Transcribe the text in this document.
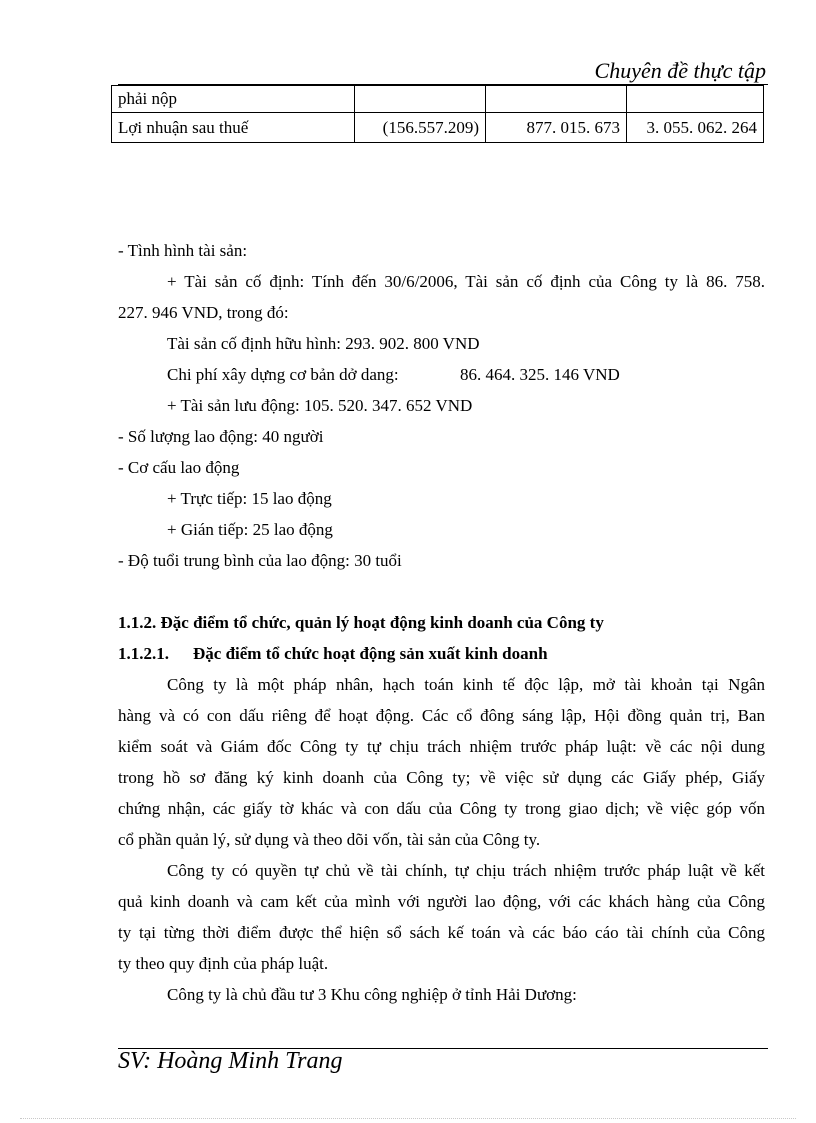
Chuyên đề thực tập
phải nộp			
Lợi nhuận sau thuế	(156.557.209)	877. 015. 673	3. 055. 062. 264
- Tình hình tài sản:
+ Tài sản cố định: Tính đến 30/6/2006, Tài sản cố định của Công ty là 86. 758.
227. 946 VND, trong đó:
Tài sản cố định hữu hình: 293. 902. 800 VND
Chi phí xây dựng cơ bản dở dang:	86. 464. 325. 146 VND
+ Tài sản lưu động: 105. 520. 347. 652 VND
- Số lượng lao động: 40 người
- Cơ cấu lao động
+ Trực tiếp: 15 lao động
+ Gián tiếp: 25 lao động
- Độ tuổi trung bình của lao động: 30 tuổi
1.1.2. Đặc điểm tổ chức, quản lý hoạt động kinh doanh của Công ty
1.1.2.1. Đặc điểm tổ chức hoạt động sản xuất kinh doanh
Công ty là một pháp nhân, hạch toán kinh tế độc lập, mở tài khoản tại Ngân
hàng và có con dấu riêng để hoạt động. Các cổ đông sáng lập, Hội đồng quản trị, Ban
kiểm soát và Giám đốc Công ty tự chịu trách nhiệm trước pháp luật: về các nội dung
trong hồ sơ đăng ký kinh doanh của Công ty; về việc sử dụng các Giấy phép, Giấy
chứng nhận, các giấy tờ khác và con dấu của Công ty trong giao dịch; về việc góp vốn
cổ phần quản lý, sử dụng và theo dõi vốn, tài sản của Công ty.
Công ty có quyền tự chủ về tài chính, tự chịu trách nhiệm trước pháp luật về kết
quả kinh doanh và cam kết của mình với người lao động, với các khách hàng của Công
ty tại từng thời điểm được thể hiện sổ sách kế toán và các báo cáo tài chính của Công
ty theo quy định của pháp luật.
Công ty là chủ đầu tư 3 Khu công nghiệp ở tỉnh Hải Dương:
SV: Hoàng Minh Trang
